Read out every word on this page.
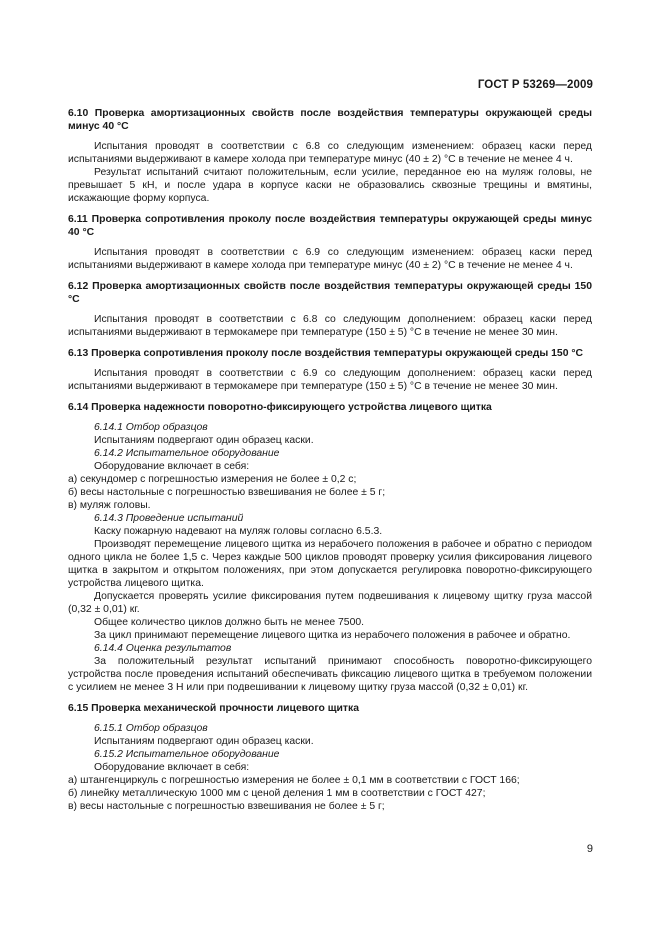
ГОСТ Р 53269—2009

6.10 Проверка амортизационных свойств после воздействия температуры окружающей среды минус 40 °С

Испытания проводят в соответствии с 6.8 со следующим изменением: образец каски перед испытаниями выдерживают в камере холода при температуре минус (40 ± 2) °С в течение не менее 4 ч.

Результат испытаний считают положительным, если усилие, переданное ею на муляж головы, не превышает 5 кН, и после удара в корпусе каски не образовались сквозные трещины и вмятины, искажающие форму корпуса.

6.11 Проверка сопротивления проколу после воздействия температуры окружающей среды минус 40 °С

Испытания проводят в соответствии с 6.9 со следующим изменением: образец каски перед испытаниями выдерживают в камере холода при температуре минус (40 ± 2) °С в течение не менее 4 ч.

6.12 Проверка амортизационных свойств после воздействия температуры окружающей среды 150 °С

Испытания проводят в соответствии с 6.8 со следующим дополнением: образец каски перед испытаниями выдерживают в термокамере при температуре (150 ± 5) °С в течение не менее 30 мин.

6.13 Проверка сопротивления проколу после воздействия температуры окружающей среды 150 °С

Испытания проводят в соответствии с 6.9 со следующим дополнением: образец каски перед испытаниями выдерживают в термокамере при температуре (150 ± 5) °С в течение не менее 30 мин.

6.14 Проверка надежности поворотно-фиксирующего устройства лицевого щитка

6.14.1 Отбор образцов

Испытаниям подвергают один образец каски.

6.14.2 Испытательное оборудование

Оборудование включает в себя:

а) секундомер с погрешностью измерения не более ± 0,2 с;

б) весы настольные с погрешностью взвешивания не более ± 5 г;

в) муляж головы.

6.14.3 Проведение испытаний

Каску пожарную надевают на муляж головы согласно 6.5.3.

Производят перемещение лицевого щитка из нерабочего положения в рабочее и обратно с периодом одного цикла не более 1,5 с. Через каждые 500 циклов проводят проверку усилия фиксирования лицевого щитка в закрытом и открытом положениях, при этом допускается регулировка поворотно-фиксирующего устройства лицевого щитка.

Допускается проверять усилие фиксирования путем подвешивания к лицевому щитку груза массой (0,32 ± 0,01) кг.

Общее количество циклов должно быть не менее 7500.

За цикл принимают перемещение лицевого щитка из нерабочего положения в рабочее и обратно.

6.14.4 Оценка результатов

За положительный результат испытаний принимают способность поворотно-фиксирующего устройства после проведения испытаний обеспечивать фиксацию лицевого щитка в требуемом положении с усилием не менее 3 Н или при подвешивании к лицевому щитку груза массой (0,32 ± 0,01) кг.

6.15 Проверка механической прочности лицевого щитка

6.15.1 Отбор образцов

Испытаниям подвергают один образец каски.

6.15.2 Испытательное оборудование

Оборудование включает в себя:

а) штангенциркуль с погрешностью измерения не более ± 0,1 мм в соответствии с ГОСТ 166;

б) линейку металлическую 1000 мм с ценой деления 1 мм в соответствии с ГОСТ 427;

в) весы настольные с погрешностью взвешивания не более ± 5 г;

9
